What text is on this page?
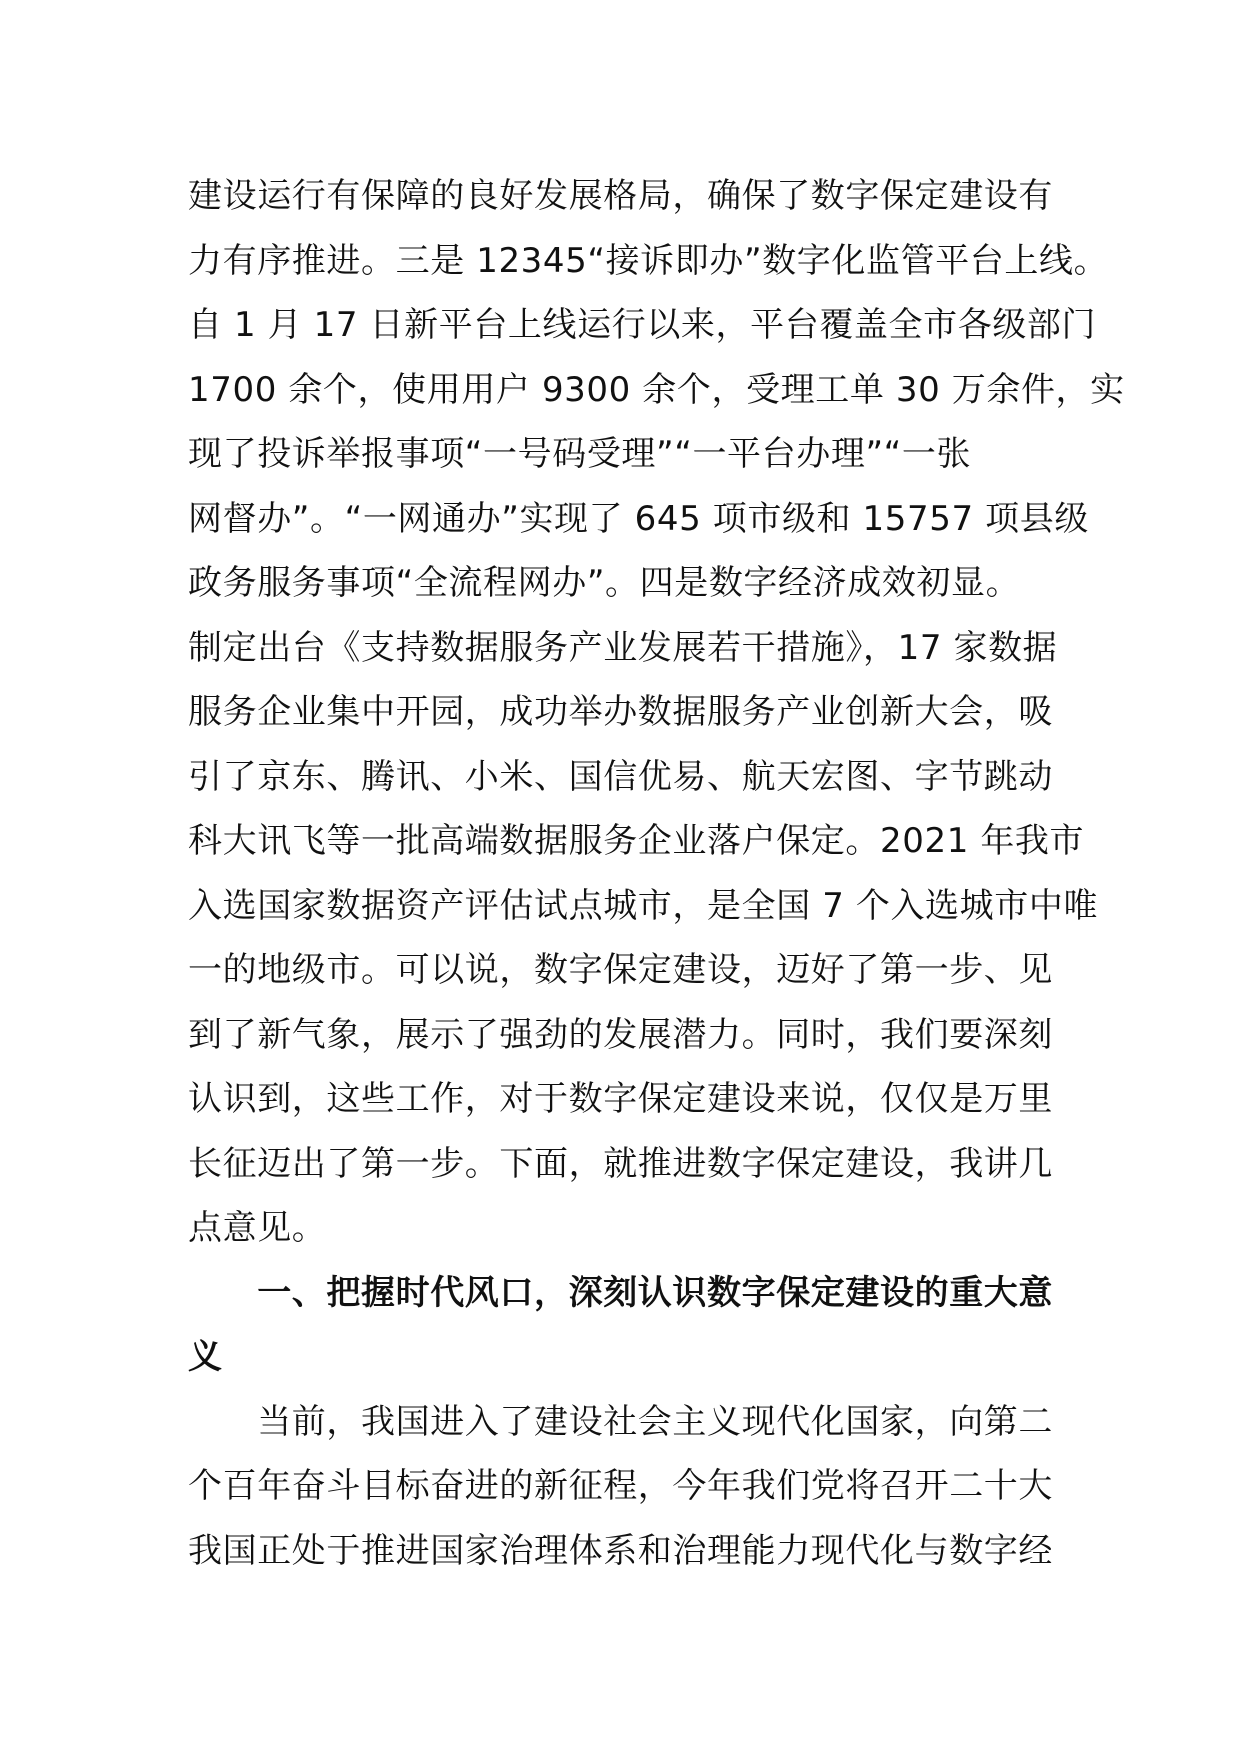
建设运行有保障的良好发展格局，确保了数字保定建设有
力有序推进。三是 12345“接诉即办”数字化监管平台上线。
自 1 月 17 日新平台上线运行以来，平台覆盖全市各级部门
1700 余个，使用用户 9300 余个，受理工单 30 万余件，实
现了投诉举报事项“一号码受理”“一平台办理”“一张
网督办”。“一网通办”实现了 645 项市级和 15757 项县级
政务服务事项“全流程网办”。四是数字经济成效初显。
制定出台《支持数据服务产业发展若干措施》，17 家数据
服务企业集中开园，成功举办数据服务产业创新大会，吸
引了京东、腾讯、小米、国信优易、航天宏图、字节跳动
科大讯飞等一批高端数据服务企业落户保定。2021 年我市
入选国家数据资产评估试点城市，是全国 7 个入选城市中唯
一的地级市。可以说，数字保定建设，迈好了第一步、见
到了新气象，展示了强劲的发展潜力。同时，我们要深刻
认识到，这些工作，对于数字保定建设来说，仅仅是万里
长征迈出了第一步。下面，就推进数字保定建设，我讲几
点意见。
　　一、把握时代风口，深刻认识数字保定建设的重大意
义
　　当前，我国进入了建设社会主义现代化国家，向第二
个百年奋斗目标奋进的新征程，今年我们党将召开二十大
我国正处于推进国家治理体系和治理能力现代化与数字经
